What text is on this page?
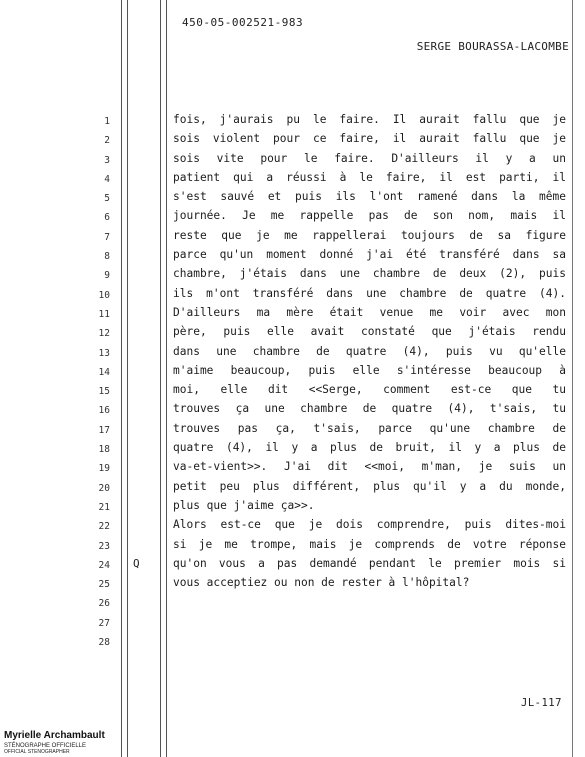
450-05-002521-983
SERGE BOURASSA-LACOMBE
1
2
3
4
5
6
7
8
9
10
11
12
13
14
15
16
17
18
19
20
21
22
23
24
25
26
27
28
Q
fois, j'aurais pu le faire. Il aurait fallu que je
sois violent pour ce faire, il aurait fallu que je
sois vite pour le faire. D'ailleurs il y a un
patient qui a réussi à le faire, il est parti, il
s'est sauvé et puis ils l'ont ramené dans la même
journée. Je me rappelle pas de son nom, mais il
reste que je me rappellerai toujours de sa figure
parce qu'un moment donné j'ai été transféré dans sa
chambre, j'étais dans une chambre de deux (2), puis
ils m'ont transféré dans une chambre de quatre (4).
D'ailleurs ma mère était venue me voir avec mon
père, puis elle avait constaté que j'étais rendu
dans une chambre de quatre (4), puis vu qu'elle
m'aime beaucoup, puis elle s'intéresse beaucoup à
moi, elle dit <<Serge, comment est-ce que tu
trouves ça une chambre de quatre (4), t'sais, tu
trouves pas ça, t'sais, parce qu'une chambre de
quatre (4), il y a plus de bruit, il y a plus de
va-et-vient>>. J'ai dit <<moi, m'man, je suis un
petit peu plus différent, plus qu'il y a du monde,
plus que j'aime ça>>.
Alors est-ce que je dois comprendre, puis dites-moi
si je me trompe, mais je comprends de votre réponse
qu'on vous a pas demandé pendant le premier mois si
vous acceptiez ou non de rester à l'hôpital?
JL-117
Myrielle Archambault
STÉNOGRAPHE OFFICIELLE
OFFICIAL STENOGRAPHER
